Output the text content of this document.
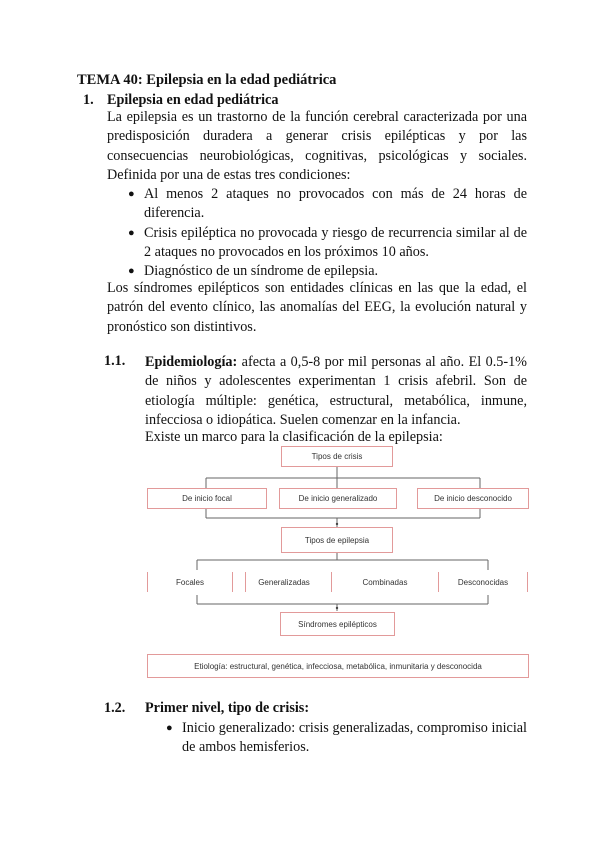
TEMA 40: Epilepsia en la edad pediátrica
1. Epilepsia en edad pediátrica
La epilepsia es un trastorno de la función cerebral caracterizada por una predisposición duradera a generar crisis epilépticas y por las consecuencias neurobiológicas, cognitivas, psicológicas y sociales. Definida por una de estas tres condiciones:
● Al menos 2 ataques no provocados con más de 24 horas de diferencia.
● Crisis epiléptica no provocada y riesgo de recurrencia similar al de 2 ataques no provocados en los próximos 10 años.
● Diagnóstico de un síndrome de epilepsia.
Los síndromes epilépticos son entidades clínicas en las que la edad, el patrón del evento clínico, las anomalías del EEG, la evolución natural y pronóstico son distintivos.
1.1. Epidemiología: afecta a 0,5-8 por mil personas al año. El 0.5-1% de niños y adolescentes experimentan 1 crisis afebril. Son de etiología múltiple: genética, estructural, metabólica, inmune, infecciosa o idiopática. Suelen comenzar en la infancia.
Existe un marco para la clasificación de la epilepsia:
Tipos de crisis
De inicio focal	De inicio generalizado	De inicio desconocido
Tipos de epilepsia
Focales	Generalizadas	Combinadas	Desconocidas
Síndromes epilépticos
Etiología: estructural, genética, infecciosa, metabólica, inmunitaria y desconocida
1.2. Primer nivel, tipo de crisis:
● Inicio generalizado: crisis generalizadas, compromiso inicial de ambos hemisferios.
